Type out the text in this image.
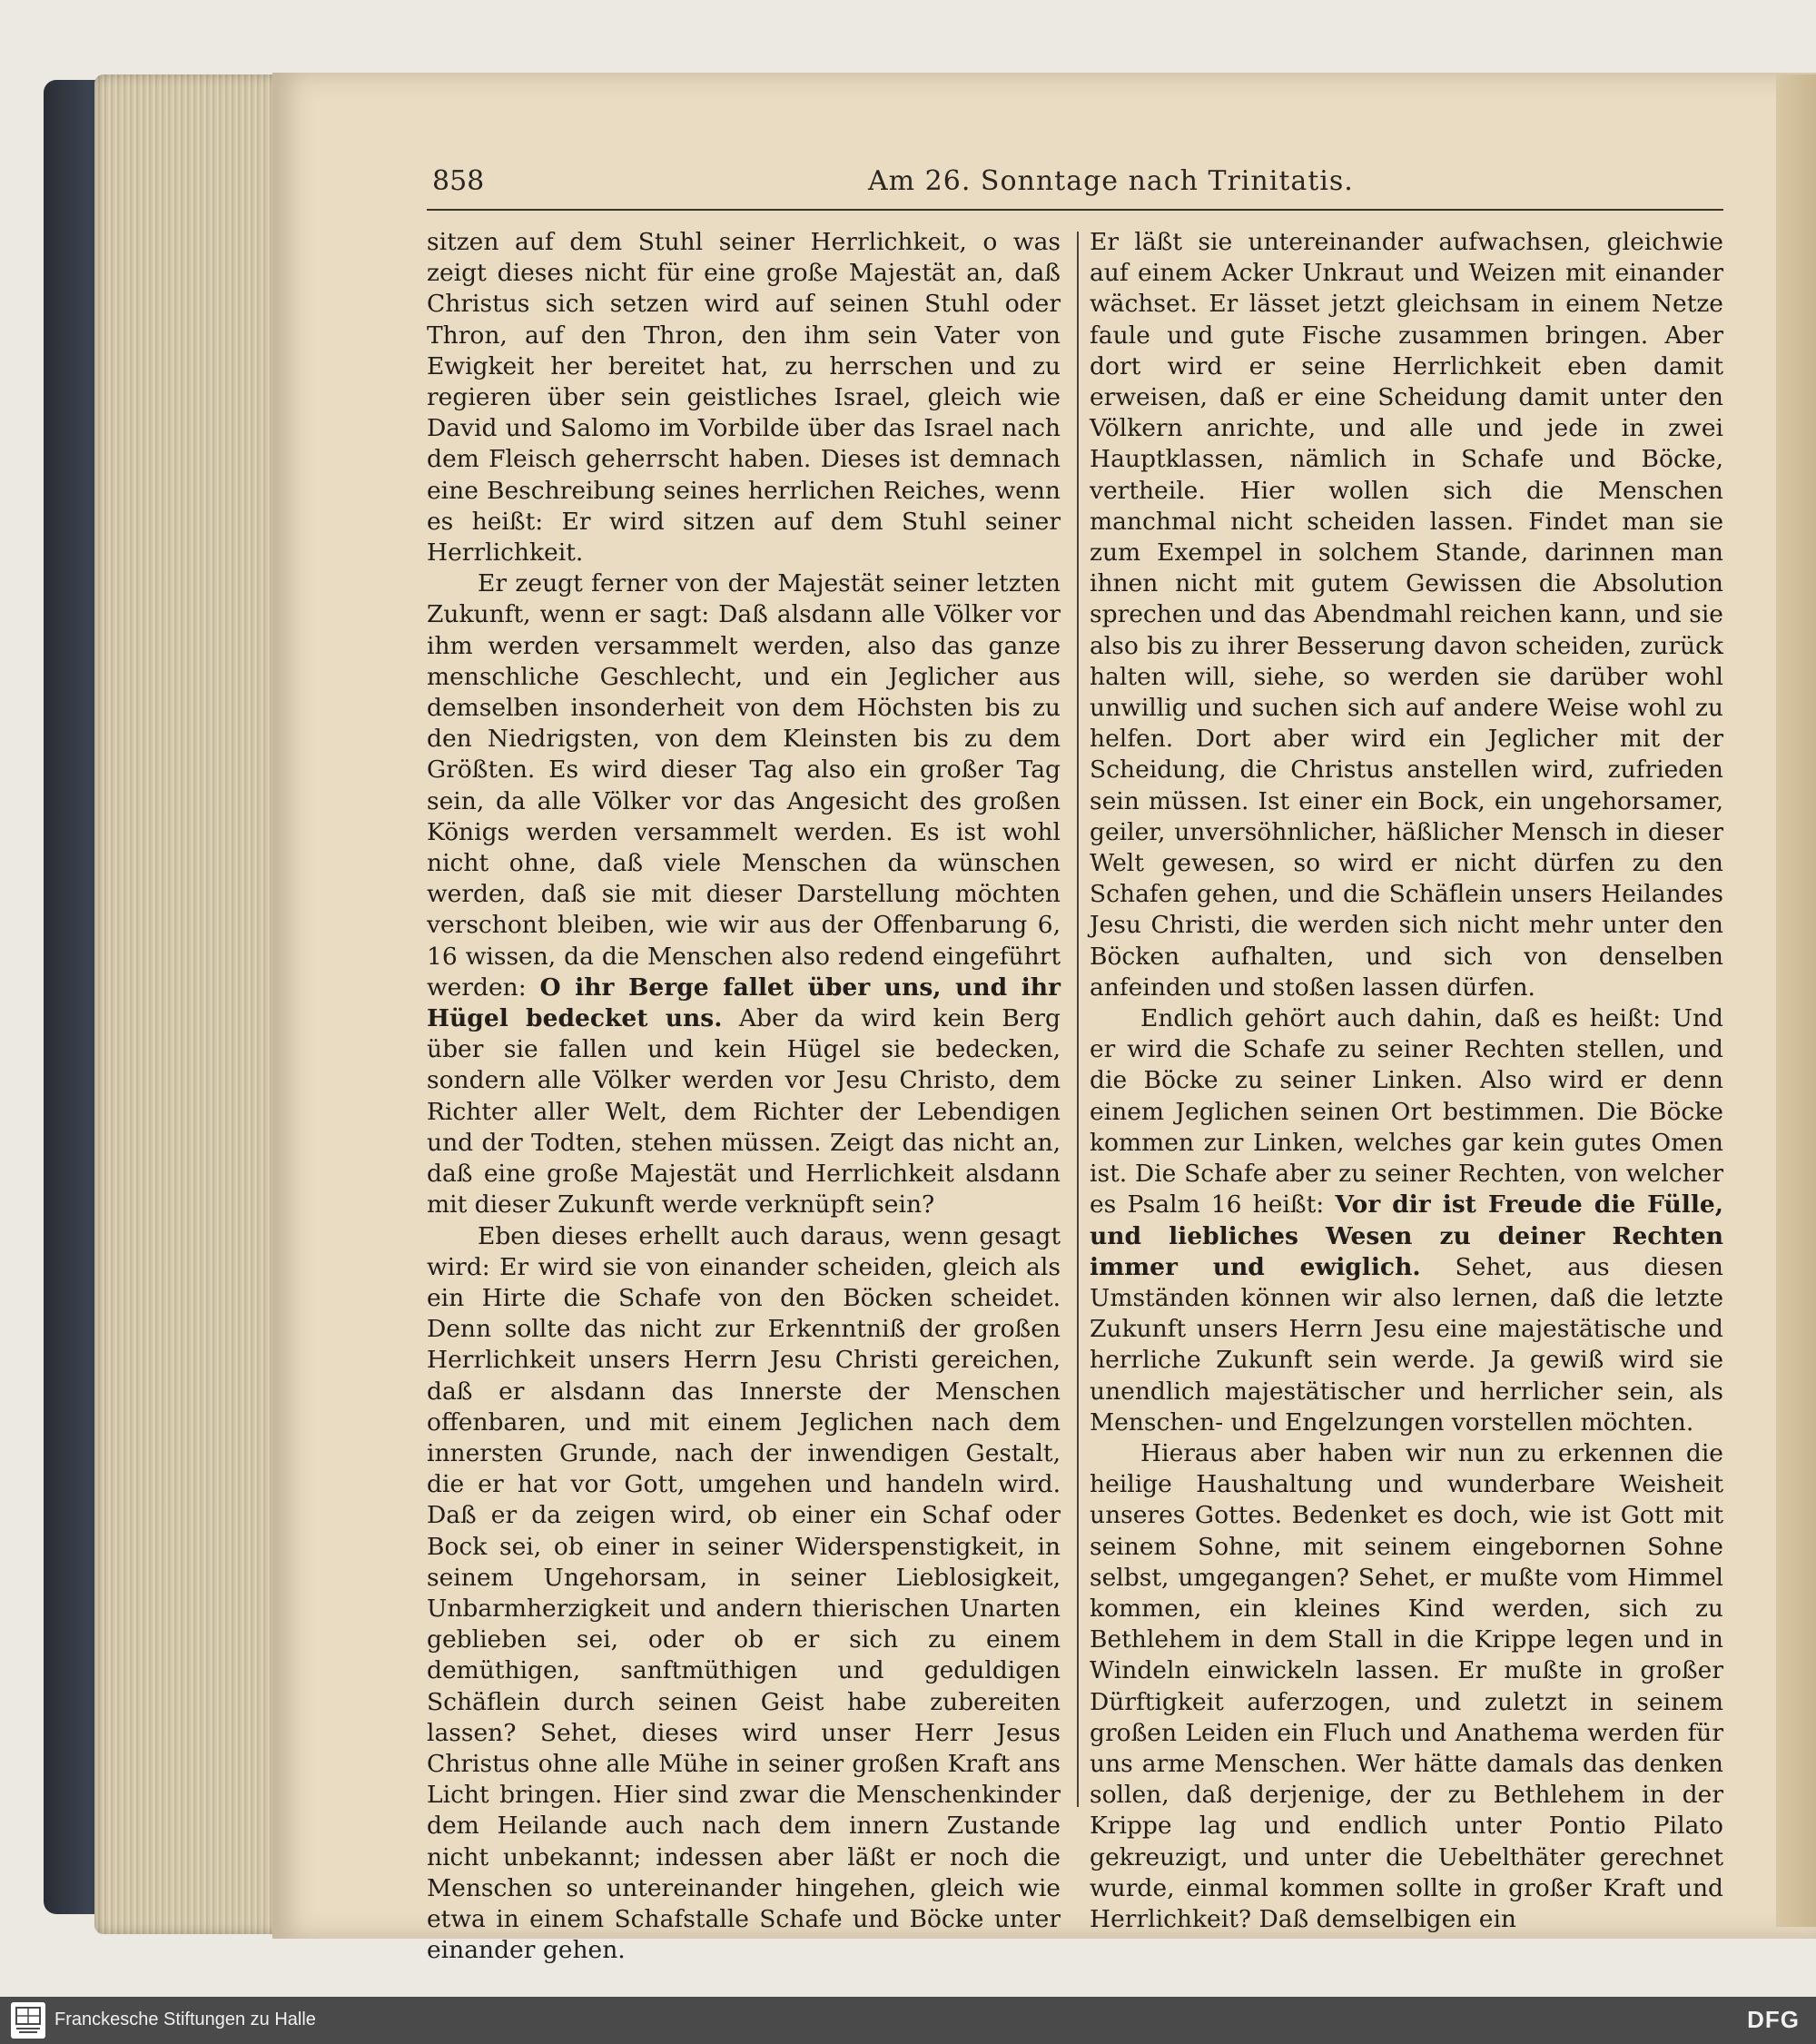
858	Am 26. Sonntage nach Trinitatis.

sitzen auf dem Stuhl seiner Herrlichkeit, o was zeigt dieses nicht für eine große Majestät an, daß Christus sich setzen wird auf seinen Stuhl oder Thron, auf den Thron, den ihm sein Vater von Ewigkeit her bereitet hat, zu herrschen und zu regieren über sein geistliches Israel, gleich wie David und Salomo im Vorbilde über das Israel nach dem Fleisch geherrscht haben. Dieses ist demnach eine Beschreibung seines herrlichen Reiches, wenn es heißt: Er wird sitzen auf dem Stuhl seiner Herrlichkeit.

Er zeugt ferner von der Majestät seiner letzten Zukunft, wenn er sagt: Daß alsdann alle Völker vor ihm werden versammelt werden, also das ganze menschliche Geschlecht, und ein Jeglicher aus demselben insonderheit von dem Höchsten bis zu den Niedrigsten, von dem Kleinsten bis zu dem Größten. Es wird dieser Tag also ein großer Tag sein, da alle Völker vor das Angesicht des großen Königs werden versammelt werden. Es ist wohl nicht ohne, daß viele Menschen da wünschen werden, daß sie mit dieser Darstellung möchten verschont bleiben, wie wir aus der Offenbarung 6, 16 wissen, da die Menschen also redend eingeführt werden: O ihr Berge fallet über uns, und ihr Hügel bedecket uns. Aber da wird kein Berg über sie fallen und kein Hügel sie bedecken, sondern alle Völker werden vor Jesu Christo, dem Richter aller Welt, dem Richter der Lebendigen und der Todten, stehen müssen. Zeigt das nicht an, daß eine große Majestät und Herrlichkeit alsdann mit dieser Zukunft werde verknüpft sein?

Eben dieses erhellt auch daraus, wenn gesagt wird: Er wird sie von einander scheiden, gleich als ein Hirte die Schafe von den Böcken scheidet. Denn sollte das nicht zur Erkenntniß der großen Herrlichkeit unsers Herrn Jesu Christi gereichen, daß er alsdann das Innerste der Menschen offenbaren, und mit einem Jeglichen nach dem innersten Grunde, nach der inwendigen Gestalt, die er hat vor Gott, umgehen und handeln wird. Daß er da zeigen wird, ob einer ein Schaf oder Bock sei, ob einer in seiner Widerspenstigkeit, in seinem Ungehorsam, in seiner Lieblosigkeit, Unbarmherzigkeit und andern thierischen Unarten geblieben sei, oder ob er sich zu einem demüthigen, sanftmüthigen und geduldigen Schäflein durch seinen Geist habe zubereiten lassen? Sehet, dieses wird unser Herr Jesus Christus ohne alle Mühe in seiner großen Kraft ans Licht bringen. Hier sind zwar die Menschenkinder dem Heilande auch nach dem innern Zustande nicht unbekannt; indessen aber läßt er noch die Menschen so untereinander hingehen, gleich wie etwa in einem Schafstalle Schafe und Böcke unter einander gehen.

Er läßt sie untereinander aufwachsen, gleichwie auf einem Acker Unkraut und Weizen mit einander wächset. Er lässet jetzt gleichsam in einem Netze faule und gute Fische zusammen bringen. Aber dort wird er seine Herrlichkeit eben damit erweisen, daß er eine Scheidung damit unter den Völkern anrichte, und alle und jede in zwei Hauptklassen, nämlich in Schafe und Böcke, vertheile. Hier wollen sich die Menschen manchmal nicht scheiden lassen. Findet man sie zum Exempel in solchem Stande, darinnen man ihnen nicht mit gutem Gewissen die Absolution sprechen und das Abendmahl reichen kann, und sie also bis zu ihrer Besserung davon scheiden, zurück halten will, siehe, so werden sie darüber wohl unwillig und suchen sich auf andere Weise wohl zu helfen. Dort aber wird ein Jeglicher mit der Scheidung, die Christus anstellen wird, zufrieden sein müssen. Ist einer ein Bock, ein ungehorsamer, geiler, unversöhnlicher, häßlicher Mensch in dieser Welt gewesen, so wird er nicht dürfen zu den Schafen gehen, und die Schäflein unsers Heilandes Jesu Christi, die werden sich nicht mehr unter den Böcken aufhalten, und sich von denselben anfeinden und stoßen lassen dürfen.

Endlich gehört auch dahin, daß es heißt: Und er wird die Schafe zu seiner Rechten stellen, und die Böcke zu seiner Linken. Also wird er denn einem Jeglichen seinen Ort bestimmen. Die Böcke kommen zur Linken, welches gar kein gutes Omen ist. Die Schafe aber zu seiner Rechten, von welcher es Psalm 16 heißt: Vor dir ist Freude die Fülle, und liebliches Wesen zu deiner Rechten immer und ewiglich. Sehet, aus diesen Umständen können wir also lernen, daß die letzte Zukunft unsers Herrn Jesu eine majestätische und herrliche Zukunft sein werde. Ja gewiß wird sie unendlich majestätischer und herrlicher sein, als Menschen- und Engelzungen vorstellen möchten.

Hieraus aber haben wir nun zu erkennen die heilige Haushaltung und wunderbare Weisheit unseres Gottes. Bedenket es doch, wie ist Gott mit seinem Sohne, mit seinem eingebornen Sohne selbst, umgegangen? Sehet, er mußte vom Himmel kommen, ein kleines Kind werden, sich zu Bethlehem in dem Stall in die Krippe legen und in Windeln einwickeln lassen. Er mußte in großer Dürftigkeit auferzogen, und zuletzt in seinem großen Leiden ein Fluch und Anathema werden für uns arme Menschen. Wer hätte damals das denken sollen, daß derjenige, der zu Bethlehem in der Krippe lag und endlich unter Pontio Pilato gekreuzigt, und unter die Uebelthäter gerechnet wurde, einmal kommen sollte in großer Kraft und Herrlichkeit? Daß demselbigen ein

Franckesche Stiftungen zu Halle	DFG
